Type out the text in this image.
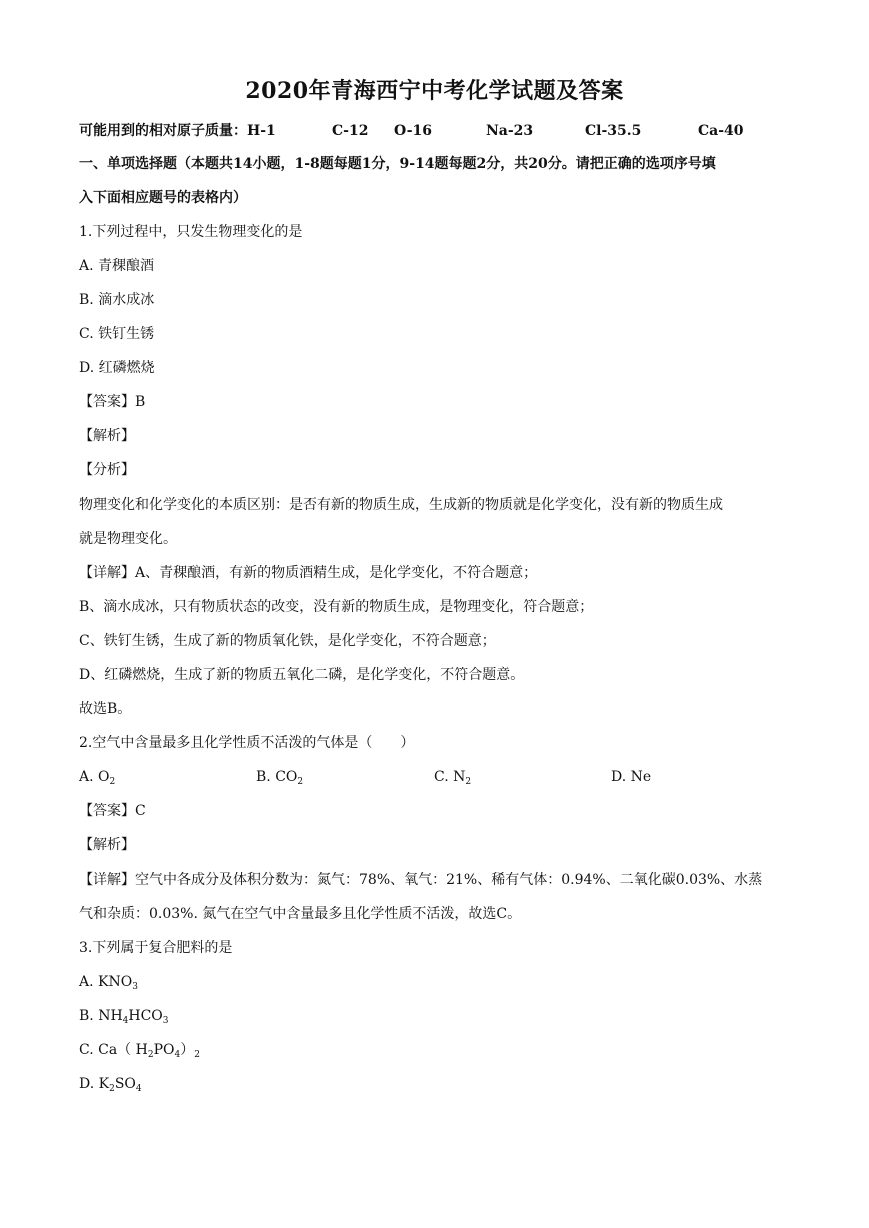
2020年青海西宁中考化学试题及答案
可能用到的相对原子质量：H-1	C-12 O-16	Na-23	Cl-35.5	Ca-40
一、单项选择题（本题共14小题，1-8题每题1分，9-14题每题2分，共20分。请把正确的选项序号填
入下面相应题号的表格内）
1.下列过程中，只发生物理变化的是
A. 青稞酿酒
B. 滴水成冰
C. 铁钉生锈
D. 红磷燃烧
【答案】B
【解析】
【分析】
物理变化和化学变化的本质区别：是否有新的物质生成，生成新的物质就是化学变化，没有新的物质生成
就是物理变化。
【详解】A、青稞酿酒，有新的物质酒精生成，是化学变化，不符合题意；
B、滴水成冰，只有物质状态的改变，没有新的物质生成，是物理变化，符合题意；
C、铁钉生锈，生成了新的物质氧化铁，是化学变化，不符合题意；
D、红磷燃烧，生成了新的物质五氧化二磷，是化学变化，不符合题意。
故选B。
2.空气中含量最多且化学性质不活泼的气体是（　　）
A. $O_2$	B. $CO_2$	C. $N_2$	D. Ne
【答案】C
【解析】
【详解】空气中各成分及体积分数为：氮气：78%、氧气：21%、稀有气体：0.94%、二氧化碳0.03%、水蒸
气和杂质：0.03%. 氮气在空气中含量最多且化学性质不活泼，故选C。
3.下列属于复合肥料的是
A. $KNO_3$
B. $NH_4HCO_3$
C. Ca（ $H_2PO_4)_2$
D. $K_2SO_4$
